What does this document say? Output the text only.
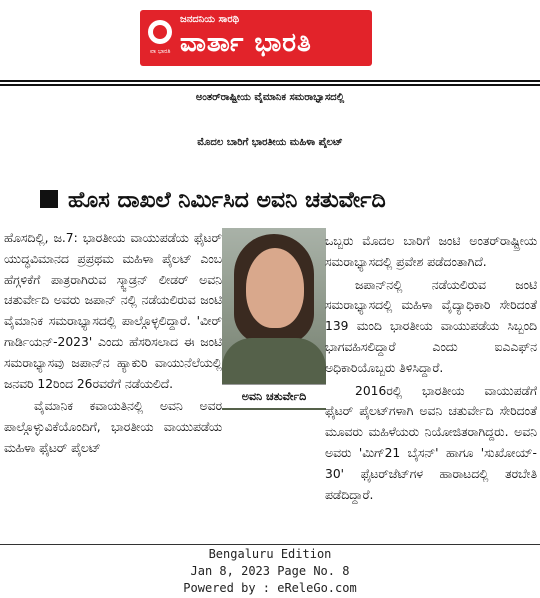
ಜನದನಿಯ ಸಾರಥಿ
ವಾ ಭಾರತಿ ವಾರ್ತಾ ಭಾರತಿ
ಅಂತರ್‌ರಾಷ್ಟ್ರೀಯ ವೈಮಾನಿಕ ಸಮರಾಭ್ಯಾಸದಲ್ಲಿ
ಮೊದಲ ಬಾರಿಗೆ ಭಾರತೀಯ ಮಹಿಳಾ ಪೈಲಟ್
ಹೊಸ ದಾಖಲೆ ನಿರ್ಮಿಸಿದ ಅವನಿ ಚತುರ್ವೇದಿ

ಹೊಸದಿಲ್ಲಿ, ಜ.7: ಭಾರತೀಯ ವಾಯುಪಡೆಯ ಫೈಟರ್ ಯುದ್ಧವಿಮಾನದ ಪ್ರಪ್ರಥಮ ಮಹಿಳಾ ಪೈಲಟ್ ಎಂಬ ಹೆಗ್ಗಳಿಕೆಗೆ ಪಾತ್ರರಾಗಿರುವ ಸ್ಕ್ವಾಡ್ರನ್ ಲೀಡರ್ ಅವನಿ ಚತುರ್ವೇದಿ ಅವರು ಜಪಾನ್ ನಲ್ಲಿ ನಡೆಯಲಿರುವ ಜಂಟಿ ವೈಮಾನಿಕ ಸಮರಾಭ್ಯಾಸದಲ್ಲಿ ಪಾಲ್ಗೊಳ್ಳಲಿದ್ದಾರೆ. 'ವೀರ್ ಗಾರ್ಡಿಯನ್-2023' ಎಂದು ಹೆಸರಿಸಲಾದ ಈ ಜಂಟಿ ಸಮರಾಭ್ಯಾಸವು ಜಪಾನ್‌ನ ಹ್ಯಾಕುರಿ ವಾಯುನೆಲೆಯಲ್ಲಿ ಜನವರಿ 12ರಿಂದ 26ರವರೆಗೆ ನಡೆಯಲಿದೆ.

ವೈಮಾನಿಕ ಕವಾಯತಿನಲ್ಲಿ ಅವನಿ ಅವರ ಪಾಲ್ಗೊಳ್ಳುವಿಕೆಯೊಂದಿಗೆ, ಭಾರತೀಯ ವಾಯುಪಡೆಯ ಮಹಿಳಾ ಫೈಟರ್ ಪೈಲಟ್

ಅವನಿ ಚತುರ್ವೇದಿ

ಒಬ್ಬರು ಮೊದಲ ಬಾರಿಗೆ ಜಂಟಿ ಅಂತರ್‌ರಾಷ್ಟ್ರೀಯ ಸಮರಾಭ್ಯಾಸದಲ್ಲಿ ಪ್ರವೇಶ ಪಡೆದಂತಾಗಿದೆ.

ಜಪಾನ್‌ನಲ್ಲಿ ನಡೆಯಲಿರುವ ಜಂಟಿ ಸಮರಾಭ್ಯಾಸದಲ್ಲಿ ಮಹಿಳಾ ವೈದ್ಯಾಧಿಕಾರಿ ಸೇರಿದಂತೆ 139 ಮಂದಿ ಭಾರತೀಯ ವಾಯುಪಡೆಯ ಸಿಬ್ಬಂದಿ ಭಾಗವಹಿಸಲಿದ್ದಾರೆ ಎಂದು ಐಎಎಫ್‌ನ ಅಧಿಕಾರಿಯೊಬ್ಬರು ತಿಳಿಸಿದ್ದಾರೆ.

2016ರಲ್ಲಿ ಭಾರತೀಯ ವಾಯುಪಡೆಗೆ ಫೈಟರ್ ಪೈಲಟ್‌ಗಳಾಗಿ ಅವನಿ ಚತುರ್ವೇದಿ ಸೇರಿದಂತೆ ಮೂವರು ಮಹಿಳೆಯರು ನಿಯೋಜಿತರಾಗಿದ್ದರು. ಅವನಿ ಅವರು 'ಮಿಗ್21 ಬೈಸನ್' ಹಾಗೂ 'ಸುಖೋಯ್- 30' ಫೈಟರ್‌ಜೆಟ್‌ಗಳ ಹಾರಾಟದಲ್ಲಿ ತರಬೇತಿ ಪಡೆದಿದ್ದಾರೆ.

Bengaluru Edition
Jan 8, 2023 Page No. 8
Powered by : eReleGo.com
